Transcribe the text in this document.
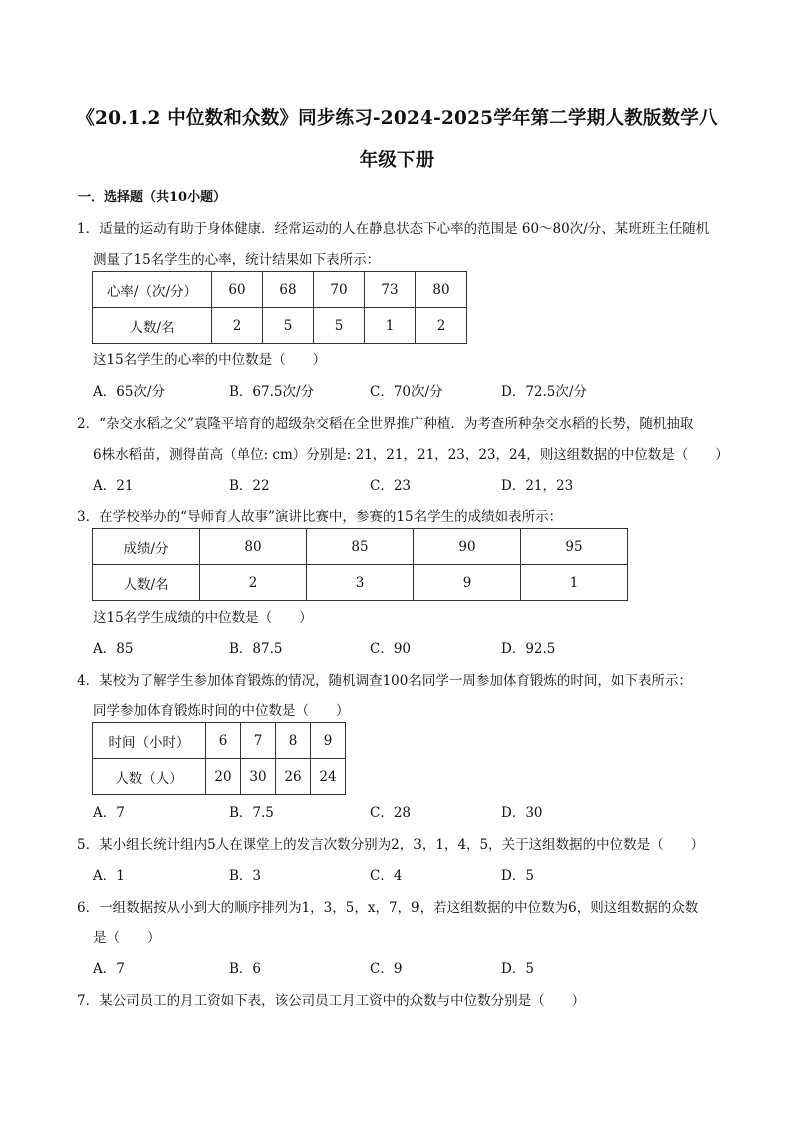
《20.1.2 中位数和众数》同步练习-2024-2025学年第二学期人教版数学八
年级下册
一．选择题（共10小题）
1．适量的运动有助于身体健康．经常运动的人在静息状态下心率的范围是 60～80次/分、某班班主任随机
测量了15名学生的心率，统计结果如下表所示：
心率/（次/分）	60	68	70	73	80
人数/名	2	5	5	1	2
这15名学生的心率的中位数是（　　）
A．65次/分	B．67.5次/分	C．70次/分	D．72.5次/分
2．“杂交水稻之父”袁隆平培育的超级杂交稻在全世界推广种植．为考查所种杂交水稻的长势，随机抽取
6株水稻苗，测得苗高（单位: cm）分别是: 21，21，21，23，23，24，则这组数据的中位数是（　　）
A．21	B．22	C．23	D．21，23
3．在学校举办的“导师育人故事”演讲比赛中，参赛的15名学生的成绩如表所示：
成绩/分	80	85	90	95
人数/名	2	3	9	1
这15名学生成绩的中位数是（　　）
A．85	B．87.5	C．90	D．92.5
4．某校为了解学生参加体育锻炼的情况，随机调查100名同学一周参加体育锻炼的时间，如下表所示：
同学参加体育锻炼时间的中位数是（　　）
时间（小时）	6	7	8	9
人数（人）	20	30	26	24
A．7	B．7.5	C．28	D．30
5．某小组长统计组内5人在课堂上的发言次数分别为2，3，1，4，5，关于这组数据的中位数是（　　）
A．1	B．3	C．4	D．5
6．一组数据按从小到大的顺序排列为1，3，5，x，7，9，若这组数据的中位数为6，则这组数据的众数
是（　　）
A．7	B．6	C．9	D．5
7．某公司员工的月工资如下表，该公司员工月工资中的众数与中位数分别是（　　）
